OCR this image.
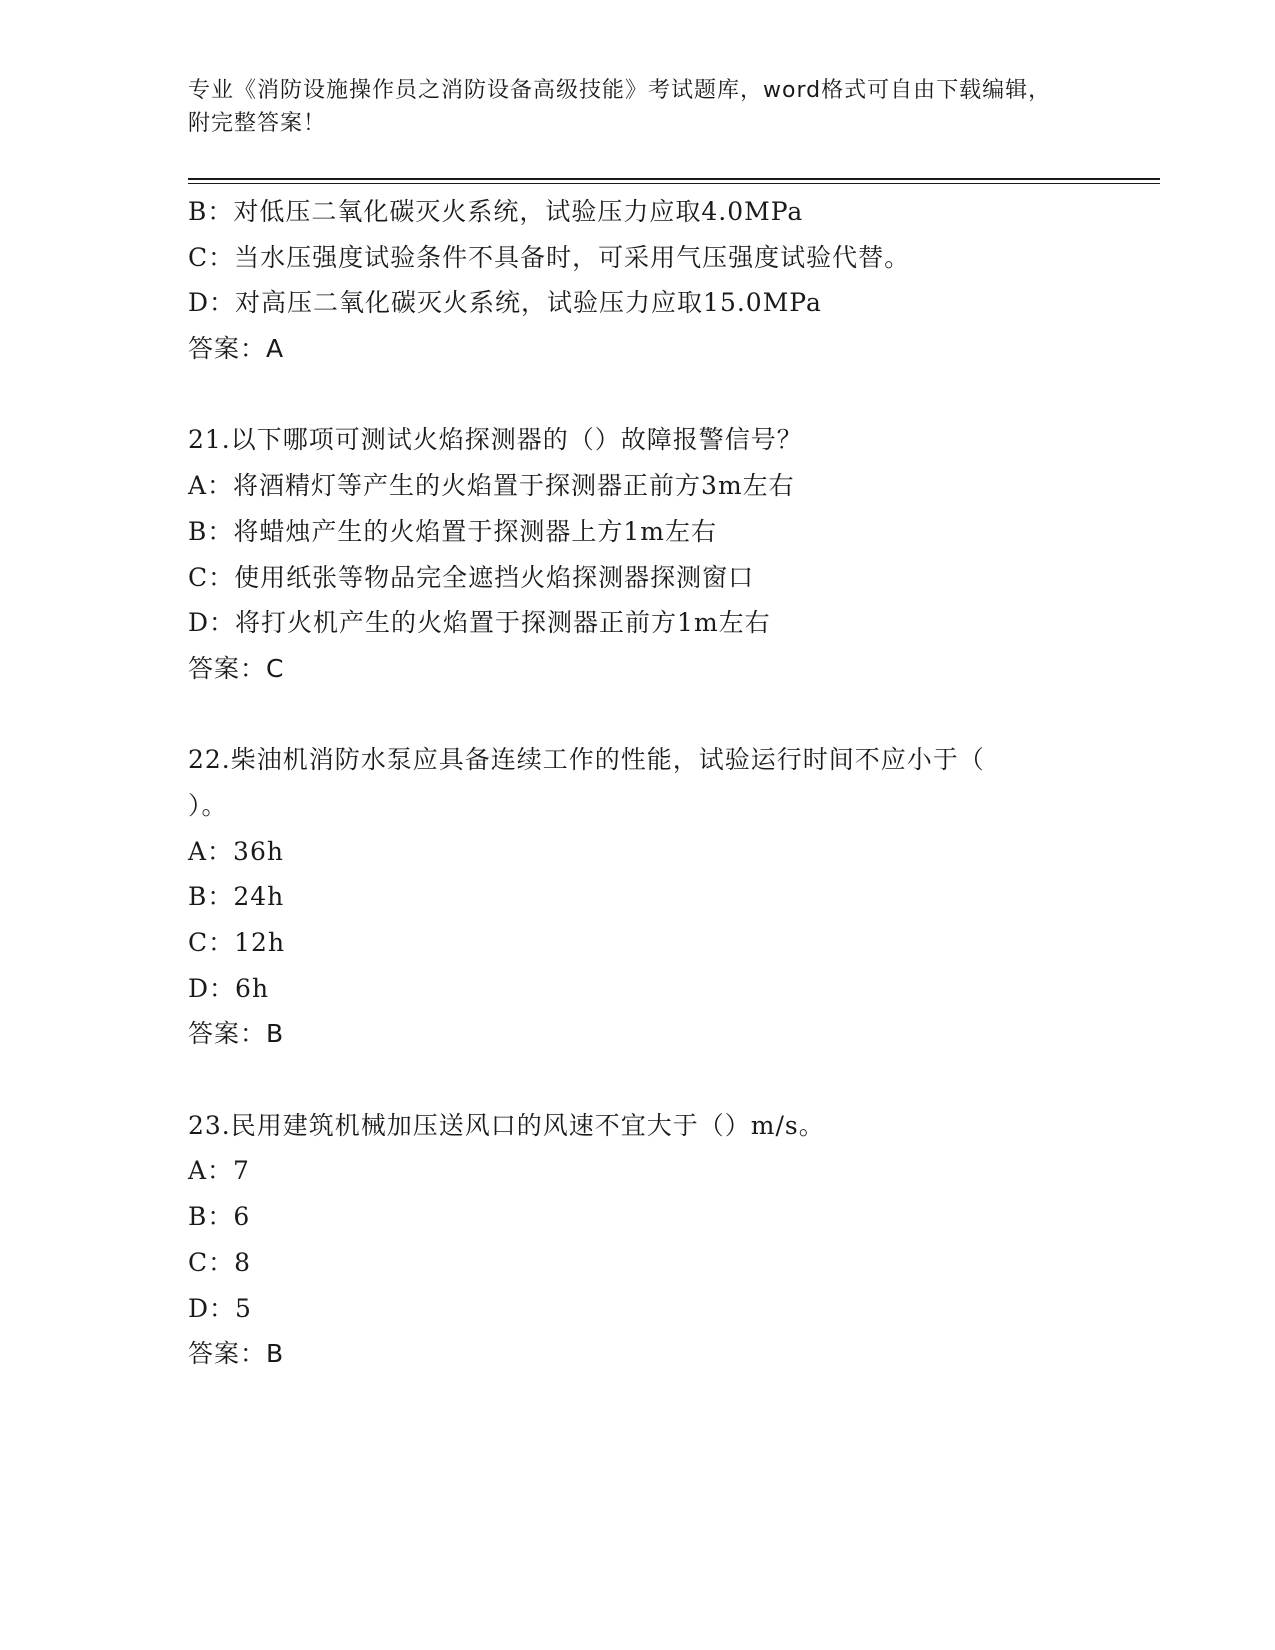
专业《消防设施操作员之消防设备高级技能》考试题库，word格式可自由下载编辑，附完整答案！
B：对低压二氧化碳灭火系统，试验压力应取4.0MPa
C：当水压强度试验条件不具备时，可采用气压强度试验代替。
D：对高压二氧化碳灭火系统，试验压力应取15.0MPa
答案：A
21.以下哪项可测试火焰探测器的（）故障报警信号？
A：将酒精灯等产生的火焰置于探测器正前方3m左右
B：将蜡烛产生的火焰置于探测器上方1m左右
C：使用纸张等物品完全遮挡火焰探测器探测窗口
D：将打火机产生的火焰置于探测器正前方1m左右
答案：C
22.柴油机消防水泵应具备连续工作的性能，试验运行时间不应小于（
）。
A：36h
B：24h
C：12h
D：6h
答案：B
23.民用建筑机械加压送风口的风速不宜大于（）m/s。
A：7
B：6
C：8
D：5
答案：B
